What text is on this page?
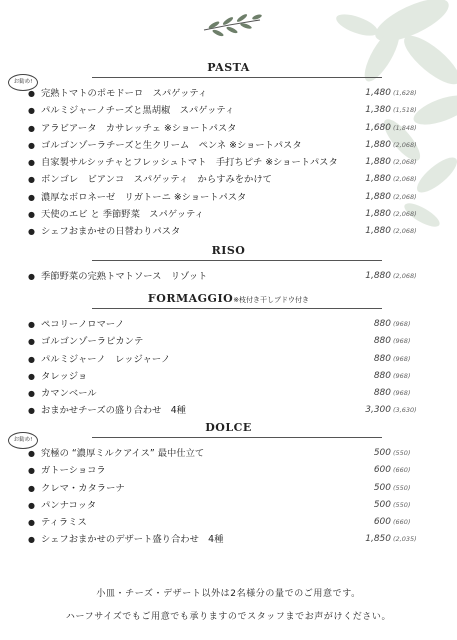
PASTA
● 完熟トマトのポモドーロ　スパゲッティ	1,480 (1,628)
● パルミジャーノチーズと黒胡椒　スパゲッティ	1,380 (1,518)
● アラビアータ　カサレッチェ ※ショートパスタ	1,680 (1,848)
● ゴルゴンゾーラチーズと生クリーム　ペンネ ※ショートパスタ	1,880 (2,068)
● 自家製サルシッチャとフレッシュトマト　手打ちピチ ※ショートパスタ	1,880 (2,068)
● ボンゴレ　ビアンコ　スパゲッティ　からすみをかけて	1,880 (2,068)
● 濃厚なボロネーゼ　リガトーニ ※ショートパスタ	1,880 (2,068)
● 天使のエビ と 季節野菜　スパゲッティ	1,880 (2,068)
● シェフおまかせの日替わりパスタ	1,880 (2,068)
RISO
● 季節野菜の完熟トマトソース　リゾット	1,880 (2,068)
FORMAGGIO※枝付き干しブドウ付き
● ペコリーノロマーノ	880 (968)
● ゴルゴンゾーラピカンテ	880 (968)
● パルミジャーノ　レッジャーノ	880 (968)
● タレッジョ	880 (968)
● カマンベール	880 (968)
● おまかせチーズの盛り合わせ　4種	3,300 (3,630)
DOLCE
● 究極の “濃厚ミルクアイス” 最中仕立て	500 (550)
● ガトーショコラ	600 (660)
● クレマ・カタラーナ	500 (550)
● パンナコッタ	500 (550)
● ティラミス	600 (660)
● シェフおまかせのデザート盛り合わせ　4種	1,850 (2,035)
お勧め!
お勧め!
小皿・チーズ・デザート以外は2名様分の量でのご用意です。
ハーフサイズでもご用意でも承りますのでスタッフまでお声がけください。
